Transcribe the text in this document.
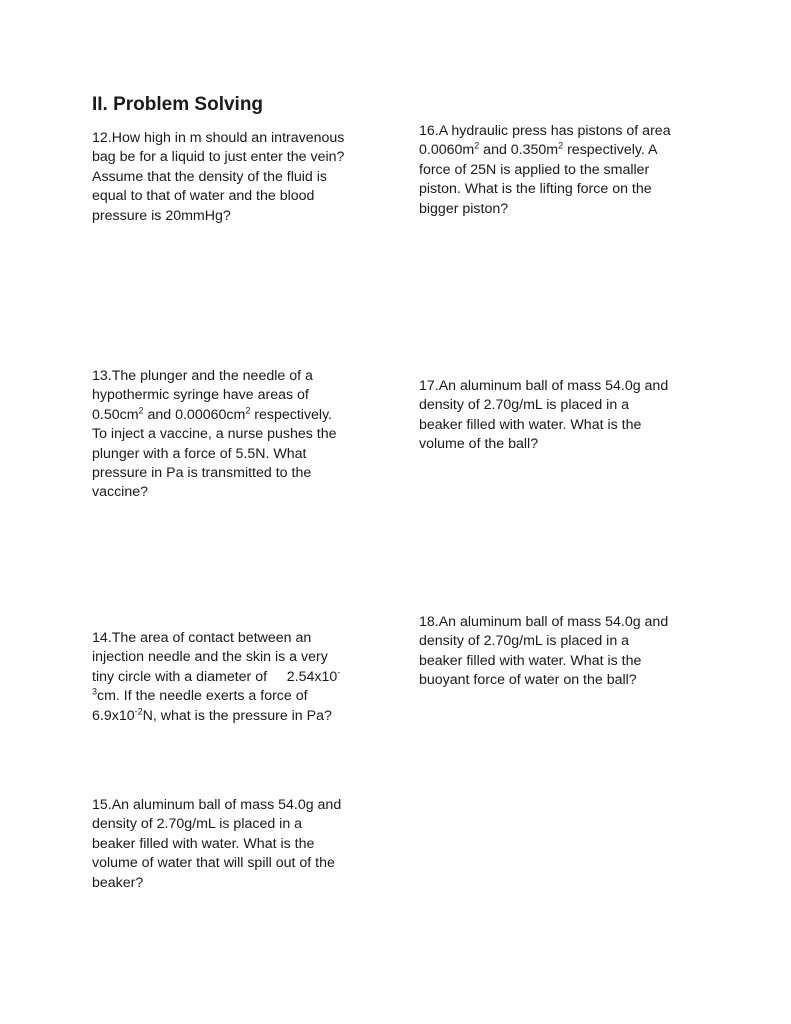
II. Problem Solving
12.How high in m should an intravenous
bag be for a liquid to just enter the vein?
Assume that the density of the fluid is
equal to that of water and the blood
pressure is 20mmHg?
13.The plunger and the needle of a
hypothermic syringe have areas of
$0.50cm^2$ and $0.00060cm^2$ respectively.
To inject a vaccine, a nurse pushes the
plunger with a force of 5.5N. What
pressure in Pa is transmitted to the
vaccine?
14.The area of contact between an
injection needle and the skin is a very
tiny circle with a diameter of     2.54x10-
$^3$cm. If the needle exerts a force of
$6.9x10^{-2}N$, what is the pressure in Pa?
15.An aluminum ball of mass 54.0g and
density of 2.70g/mL is placed in a
beaker filled with water. What is the
volume of water that will spill out of the
beaker?
16.A hydraulic press has pistons of area
$0.0060m^2$ and $0.350m^2$ respectively. A
force of 25N is applied to the smaller
piston. What is the lifting force on the
bigger piston?
17.An aluminum ball of mass 54.0g and
density of 2.70g/mL is placed in a
beaker filled with water. What is the
volume of the ball?
18.An aluminum ball of mass 54.0g and
density of 2.70g/mL is placed in a
beaker filled with water. What is the
buoyant force of water on the ball?
